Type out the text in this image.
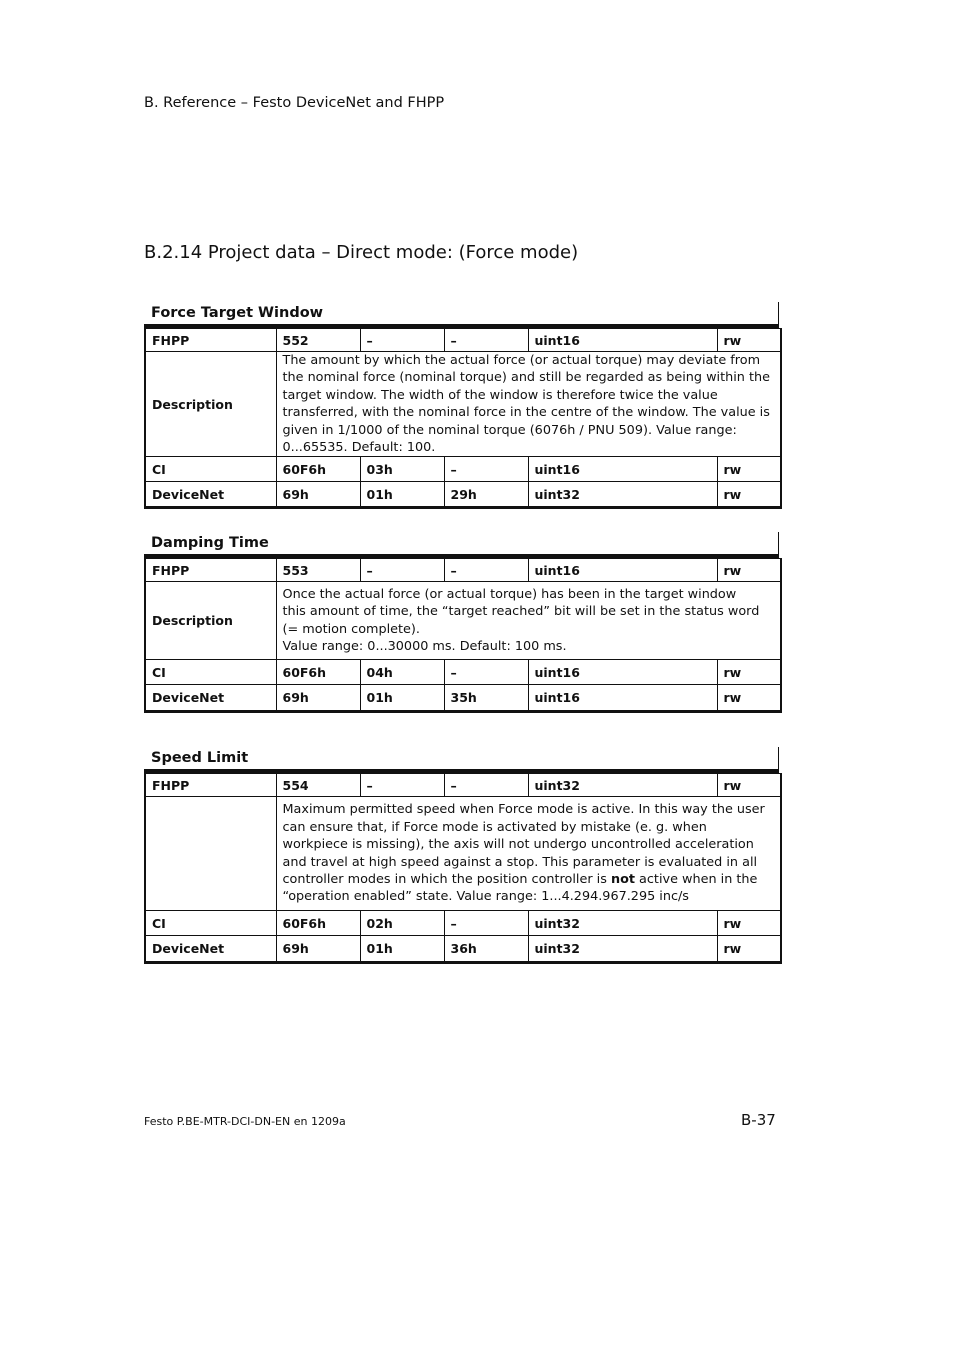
B. Reference – Festo DeviceNet and FHPP
B.2.14 Project data – Direct mode: (Force mode)
Force Target Window
FHPP	552	–	–	uint16	rw
Description	The amount by which the actual force (or actual torque) may deviate from the nominal force (nominal torque) and still be regarded as being within the target window. The width of the window is therefore twice the value transferred, with the nominal force in the centre of the window. The value is given in 1/1000 of the nominal torque (6076h / PNU 509). Value range: 0...65535. Default: 100.				
CI	60F6h	03h	–	uint16	rw
DeviceNet	69h	01h	29h	uint32	rw
Damping Time
FHPP	553	–	–	uint16	rw
Description	Once the actual force (or actual torque) has been in the target window
this amount of time, the “target reached” bit will be set in the status word
(= motion complete).
Value range: 0...30000 ms. Default: 100 ms.				

CI	60F6h	04h	–	uint16	rw
DeviceNet	69h	01h	35h	uint16	rw
Speed Limit
FHPP	554	–	–	uint32	rw
	Maximum permitted speed when Force mode is active. In this way the user can ensure that, if Force mode is activated by mistake (e. g. when workpiece is missing), the axis will not undergo uncontrolled acceleration and travel at high speed against a stop. This parameter is evaluated in all controller modes in which the position controller is not active when in the “operation enabled” state. Value range: 1...4.294.967.295 inc/s				
CI	60F6h	02h	–	uint32	rw
DeviceNet	69h	01h	36h	uint32	rw
Festo P.BE-MTR-DCI-DN-EN en 1209a	B-37
